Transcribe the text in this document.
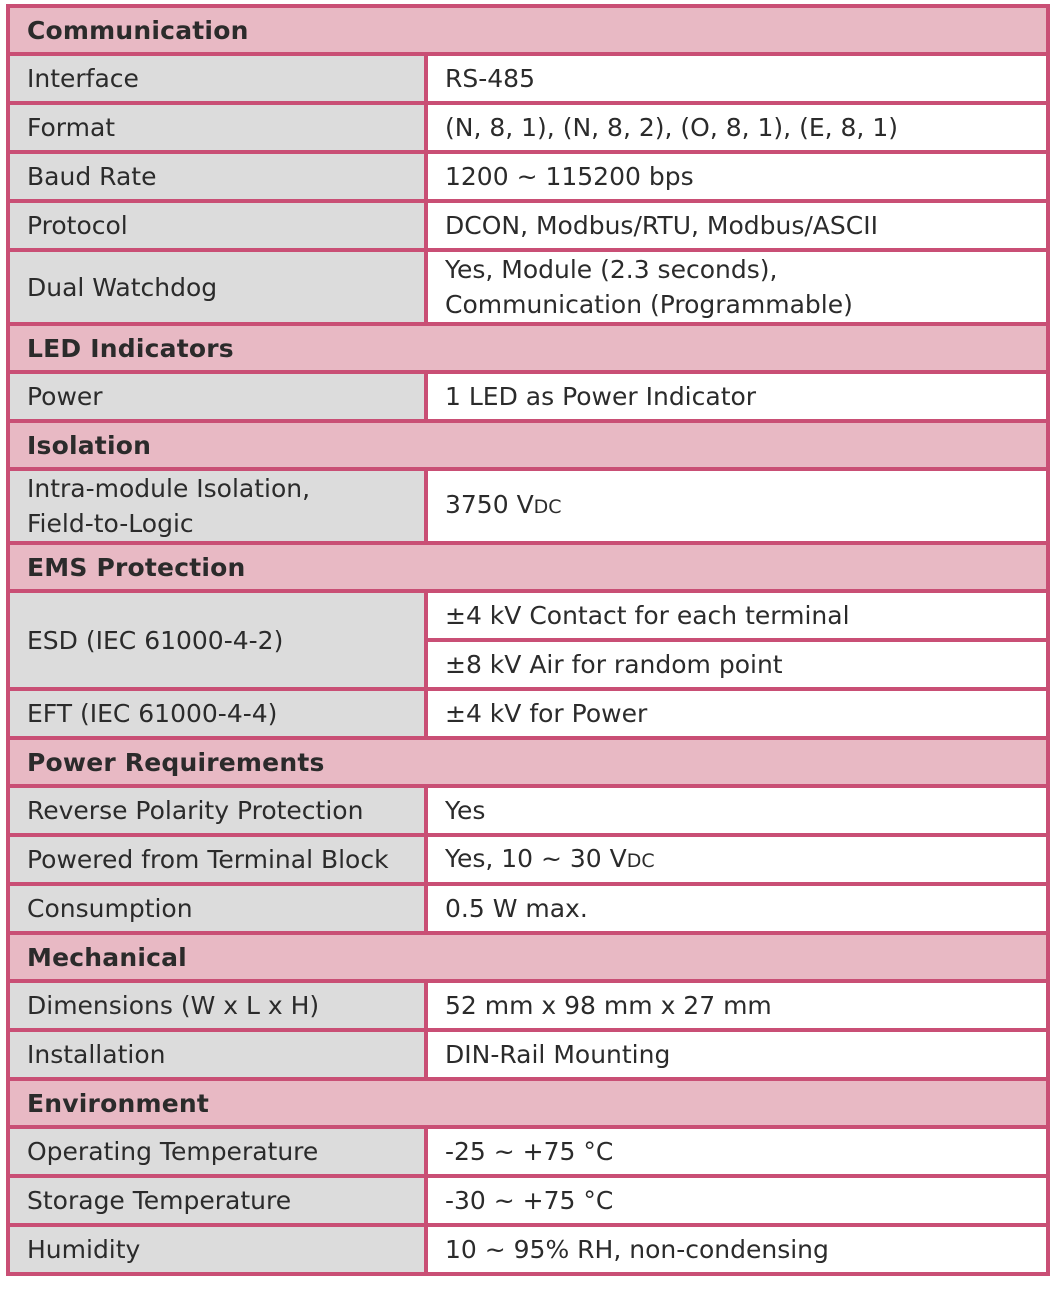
Communication	
Interface	RS-485
Format	(N, 8, 1), (N, 8, 2), (O, 8, 1), (E, 8, 1)
Baud Rate	1200 ~ 115200 bps
Protocol	DCON, Modbus/RTU, Modbus/ASCII
Dual Watchdog	Yes, Module (2.3 seconds),
Communication (Programmable)
LED Indicators	
Power	1 LED as Power Indicator
Isolation	
Intra-module Isolation,
Field-to-Logic	3750 VDC
EMS Protection	
ESD (IEC 61000-4-2)	±4 kV Contact for each terminal
	±8 kV Air for random point
EFT (IEC 61000-4-4)	±4 kV for Power
Power Requirements	
Reverse Polarity Protection	Yes
Powered from Terminal Block	Yes, 10 ~ 30 VDC
Consumption	0.5 W max.
Mechanical	
Dimensions (W x L x H)	52 mm x 98 mm x 27 mm
Installation	DIN-Rail Mounting
Environment	
Operating Temperature	-25 ~ +75 °C
Storage Temperature	-30 ~ +75 °C
Humidity	10 ~ 95% RH, non-condensing
